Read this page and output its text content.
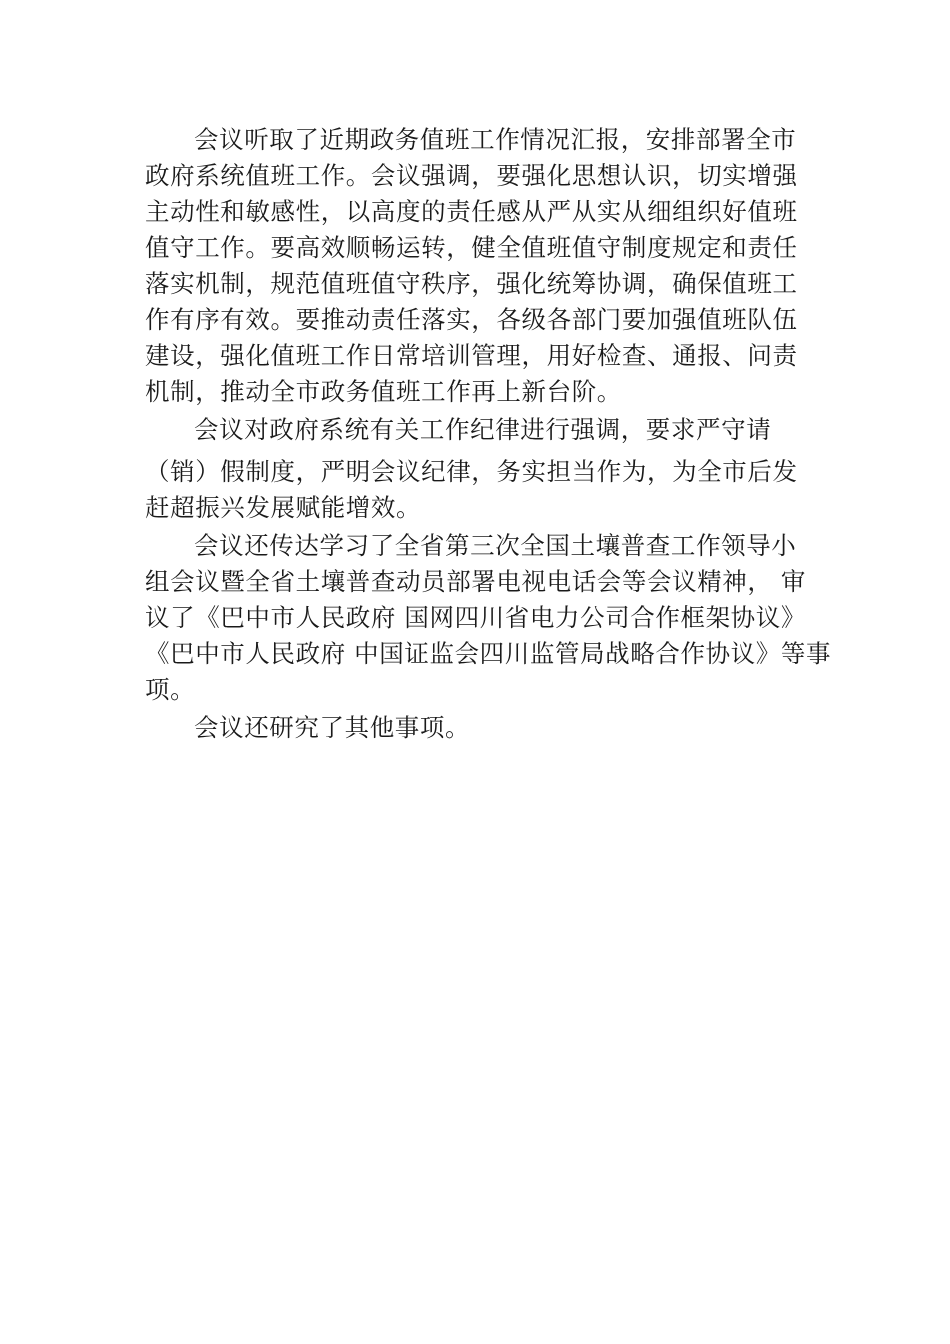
会议听取了近期政务值班工作情况汇报，安排部署全市
政府系统值班工作。会议强调，要强化思想认识，切实增强
主动性和敏感性，以高度的责任感从严从实从细组织好值班
值守工作。要高效顺畅运转，健全值班值守制度规定和责任
落实机制，规范值班值守秩序，强化统筹协调，确保值班工
作有序有效。要推动责任落实，各级各部门要加强值班队伍
建设，强化值班工作日常培训管理，用好检查、通报、问责
机制，推动全市政务值班工作再上新台阶。
会议对政府系统有关工作纪律进行强调，要求严守请
（销）假制度，严明会议纪律，务实担当作为，为全市后发
赶超振兴发展赋能增效。
会议还传达学习了全省第三次全国土壤普查工作领导小
组会议暨全省土壤普查动员部署电视电话会等会议精神， 审
议了《巴中市人民政府 国网四川省电力公司合作框架协议》
《巴中市人民政府 中国证监会四川监管局战略合作协议》等事
项。
会议还研究了其他事项。
